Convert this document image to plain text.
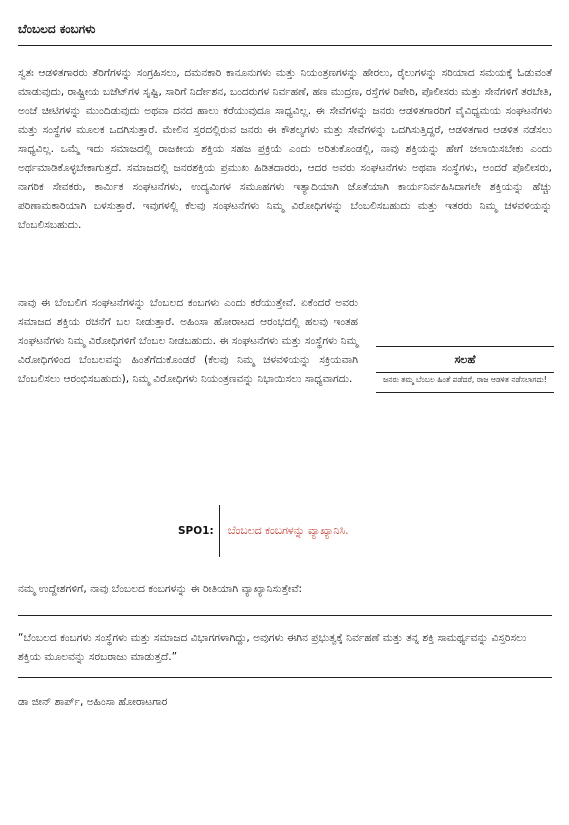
ಬೆಂಬಲದ ಕಂಬಗಳು

ಸ್ವತಃ ಆಡಳಿತಗಾರರು ತೆರಿಗೆಗಳನ್ನು ಸಂಗ್ರಹಿಸಲು, ದಮನಕಾರಿ ಕಾನೂನುಗಳು ಮತ್ತು ನಿಯಂತ್ರಣಗಳನ್ನು ಹೇರಲು, ರೈಲುಗಳನ್ನು ಸರಿಯಾದ ಸಮಯಕ್ಕೆ ಓಡುವಂತೆ ಮಾಡುವುದು, ರಾಷ್ಟ್ರೀಯ ಬಜೆಟ್‌ಗಳ ಸೃಷ್ಟಿ, ಸಾರಿಗೆ ನಿರ್ದೇಶನ, ಬಂದರುಗಳ ನಿರ್ವಹಣೆ, ಹಣ ಮುದ್ರಣ, ರಸ್ತೆಗಳ ರಿಪೇರಿ, ಪೊಲೀಸರು ಮತ್ತು ಸೇನೆಗಳಿಗೆ ತರಬೇತಿ, ಅಂಚೆ ಚೀಟಿಗಳನ್ನು ಮುಂದಿಡುವುದು ಅಥವಾ ದನದ ಹಾಲು ಕರೆಯುವುದೂ ಸಾಧ್ಯವಿಲ್ಲ. ಈ ಸೇವೆಗಳನ್ನು ಜನರು ಆಡಳಿತಗಾರರಿಗೆ ವೈವಿಧ್ಯಮಯ ಸಂಘಟನೆಗಳು ಮತ್ತು ಸಂಸ್ಥೆಗಳ ಮೂಲಕ ಒದಗಿಸುತ್ತಾರೆ. ಮೇಲಿನ ಸ್ತರದಲ್ಲಿರುವ ಜನರು ಈ ಕೌಶಲ್ಯಗಳು ಮತ್ತು ಸೇವೆಗಳನ್ನು ಒದಗಿಸುತ್ತಿದ್ದರೆ, ಆಡಳಿತಗಾರ ಆಡಳಿತ ನಡೆಸಲು ಸಾಧ್ಯವಿಲ್ಲ. ಒಮ್ಮೆ ಇದು ಸಮಾಜದಲ್ಲಿ ರಾಜಕೀಯ ಶಕ್ತಿಯ ಸಹಜ ಪ್ರಕ್ರಿಯೆ ಎಂದು ಅರಿತುಕೊಂಡಲ್ಲಿ, ನಾವು ಶಕ್ತಿಯನ್ನು ಹೇಗೆ ಚಲಾಯಿಸಬೇಕು ಎಂದು ಅರ್ಥಮಾಡಿಕೊಳ್ಳಬೇಕಾಗುತ್ತದೆ. ಸಮಾಜದಲ್ಲಿ ಜನರಶಕ್ತಿಯ ಪ್ರಮುಖ ಹಿಡಿತದಾರರು, ಆದರ ಅವರು ಸಂಘಟನೆಗಳು ಅಥವಾ ಸಂಸ್ಥೆಗಳು, ಅಂದರೆ ಪೊಲೀಸರು, ನಾಗರಿಕ ಸೇವಕರು, ಕಾರ್ಮಿಕ ಸಂಘಟನೆಗಳು, ಉದ್ಯಮಿಗಳ ಸಮೂಹಗಳು ಇತ್ಯಾದಿಯಾಗಿ ಜೊತೆಯಾಗಿ ಕಾರ್ಯನಿರ್ವಹಿಸಿದಾಗಲೇ ಶಕ್ತಿಯನ್ನು ಹೆಚ್ಚು ಪರಿಣಾಮಕಾರಿಯಾಗಿ ಬಳಸುತ್ತಾರೆ. ಇವುಗಳಲ್ಲಿ ಕೆಲವು ಸಂಘಟನೆಗಳು ನಿಮ್ಮ ವಿರೋಧಿಗಳನ್ನು ಬೆಂಬಲಿಸಬಹುದು ಮತ್ತು ಇತರರು ನಿಮ್ಮ ಚಳವಳಿಯನ್ನು ಬೆಂಬಲಿಸಬಹುದು.

ನಾವು ಈ ಬೆಂಬಲಿಗ ಸಂಘಟನೆಗಳನ್ನು ಬೆಂಬಲದ ಕಂಬಗಳು ಎಂದು ಕರೆಯುತ್ತೇವೆ. ಏಕೆಂದರೆ ಅವರು ಸಮಾಜದ ಶಕ್ತಿಯ ರಚನೆಗೆ ಬಲ ನೀಡುತ್ತಾರೆ. ಅಹಿಂಸಾ ಹೋರಾಟದ ಆರಂಭದಲ್ಲಿ ಹಲವು ಇಂತಹ ಸಂಘಟನೆಗಳು ನಿಮ್ಮ ವಿರೋಧಿಗಳಿಗೆ ಬೆಂಬಲ ನೀಡಬಹುದು. ಈ ಸಂಘಟನೆಗಳು ಮತ್ತು ಸಂಸ್ಥೆಗಳು ನಿಮ್ಮ ವಿರೋಧಿಗಳಿಂದ ಬೆಂಬಲವನ್ನು ಹಿಂತೆಗೆದುಕೊಂಡರೆ (ಕೆಲವು ನಿಮ್ಮ ಚಳವಳಿಯನ್ನು ಸಕ್ರಿಯವಾಗಿ ಬೆಂಬಲಿಸಲು ಆರಂಭಿಸಬಹುದು), ನಿಮ್ಮ ವಿರೋಧಿಗಳು ನಿಯಂತ್ರಣವನ್ನು ನಿಭಾಯಿಸಲು ಸಾಧ್ಯವಾಗದು.

ಸಲಹೆ
ಜನರು ತಮ್ಮ ಬೆಂಬಲ ಹಿಂತೆ ಪಡೆದರೆ, ರಾಜ ಆಡಳಿತ ನಡೆಸಲಾಗದು!
SPO1:	ಬೆಂಬಲದ ಕಂಬಗಳನ್ನು ವ್ಯಾಖ್ಯಾನಿಸಿ.
ನಮ್ಮ ಉದ್ದೇಶಗಳಿಗೆ, ನಾವು ಬೆಂಬಲದ ಕಂಬಗಳನ್ನು ಈ ರೀತಿಯಾಗಿ ವ್ಯಾಖ್ಯಾನಿಸುತ್ತೇವೆ:

“ಬೆಂಬಲದ ಕಂಬಗಳು ಸಂಸ್ಥೆಗಳು ಮತ್ತು ಸಮಾಜದ ವಿಭಾಗಗಳಾಗಿದ್ದು, ಅವುಗಳು ಈಗಿನ ಪ್ರಭುತ್ವಕ್ಕೆ ನಿರ್ವಹಣೆ ಮತ್ತು ತನ್ನ ಶಕ್ತಿ ಸಾಮರ್ಥ್ಯವನ್ನು ವಿಸ್ತರಿಸಲು ಶಕ್ತಿಯ ಮೂಲವನ್ನು ಸರಬರಾಜು ಮಾಡುತ್ತದೆ.”

ಡಾ ಜೀನ್ ಶಾರ್ಪ್, ಅಹಿಂಸಾ ಹೋರಾಟಗಾರ
